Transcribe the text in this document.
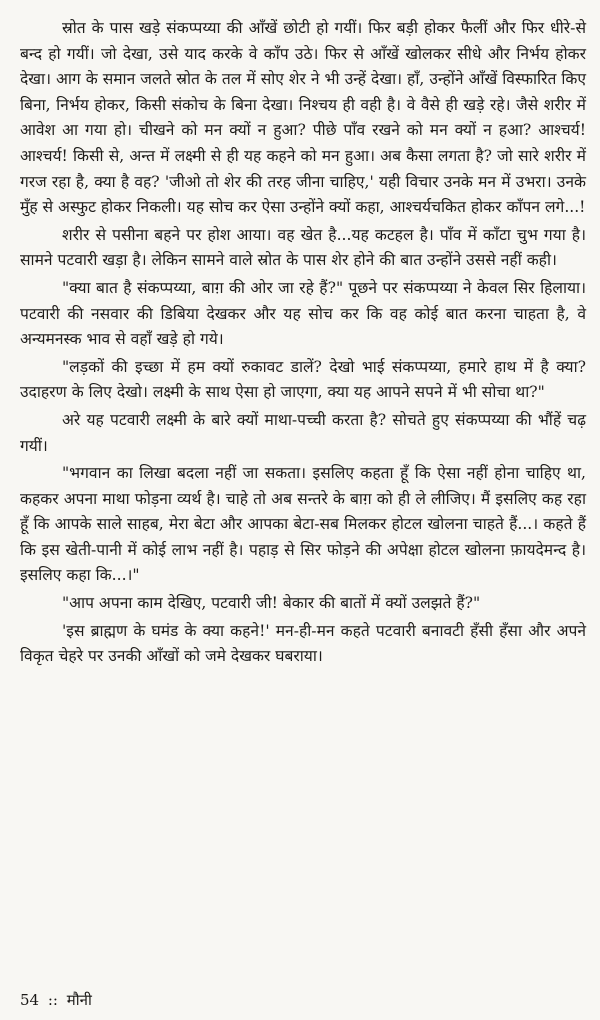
स्रोत के पास खड़े संकप्पय्या की आँखें छोटी हो गयीं। फिर बड़ी होकर फैलीं और फिर धीरे-से बन्द हो गयीं। जो देखा, उसे याद करके वे काँप उठे। फिर से आँखें खोलकर सीधे और निर्भय होकर देखा। आग के समान जलते स्रोत के तल में सोए शेर ने भी उन्हें देखा। हाँ, उन्होंने आँखें विस्फारित किए बिना, निर्भय होकर, किसी संकोच के बिना देखा। निश्चय ही वही है। वे वैसे ही खड़े रहे। जैसे शरीर में आवेश आ गया हो। चीखने को मन क्यों न हुआ? पीछे पाँव रखने को मन क्यों न हआ? आश्चर्य! आश्चर्य! किसी से, अन्त में लक्ष्मी से ही यह कहने को मन हुआ। अब कैसा लगता है? जो सारे शरीर में गरज रहा है, क्या है वह? 'जीओ तो शेर की तरह जीना चाहिए,' यही विचार उनके मन में उभरा। उनके मुँह से अस्फुट होकर निकली। यह सोच कर ऐसा उन्होंने क्यों कहा, आश्चर्यचकित होकर काँपन लगे...!

शरीर से पसीना बहने पर होश आया। वह खेत है...यह कटहल है। पाँव में काँटा चुभ गया है। सामने पटवारी खड़ा है। लेकिन सामने वाले स्रोत के पास शेर होने की बात उन्होंने उससे नहीं कही।

"क्या बात है संकप्पय्या, बाग़ की ओर जा रहे हैं?" पूछने पर संकप्पय्या ने केवल सिर हिलाया। पटवारी की नसवार की डिबिया देखकर और यह सोच कर कि वह कोई बात करना चाहता है, वे अन्यमनस्क भाव से वहाँ खड़े हो गये।

"लड़कों की इच्छा में हम क्यों रुकावट डालें? देखो भाई संकप्पय्या, हमारे हाथ में है क्या? उदाहरण के लिए देखो। लक्ष्मी के साथ ऐसा हो जाएगा, क्या यह आपने सपने में भी सोचा था?"

अरे यह पटवारी लक्ष्मी के बारे क्यों माथा-पच्ची करता है? सोचते हुए संकप्पय्या की भौंहें चढ़ गयीं।

"भगवान का लिखा बदला नहीं जा सकता। इसलिए कहता हूँ कि ऐसा नहीं होना चाहिए था, कहकर अपना माथा फोड़ना व्यर्थ है। चाहे तो अब सन्तरे के बाग़ को ही ले लीजिए। मैं इसलिए कह रहा हूँ कि आपके साले साहब, मेरा बेटा और आपका बेटा-सब मिलकर होटल खोलना चाहते हैं...। कहते हैं कि इस खेती-पानी में कोई लाभ नहीं है। पहाड़ से सिर फोड़ने की अपेक्षा होटल खोलना फ़ायदेमन्द है। इसलिए कहा कि...।"

"आप अपना काम देखिए, पटवारी जी! बेकार की बातों में क्यों उलझते हैं?"

'इस ब्राह्मण के घमंड के क्या कहने!' मन-ही-मन कहते पटवारी बनावटी हँसी हँसा और अपने विकृत चेहरे पर उनकी आँखों को जमे देखकर घबराया।

54 :: मौनी
